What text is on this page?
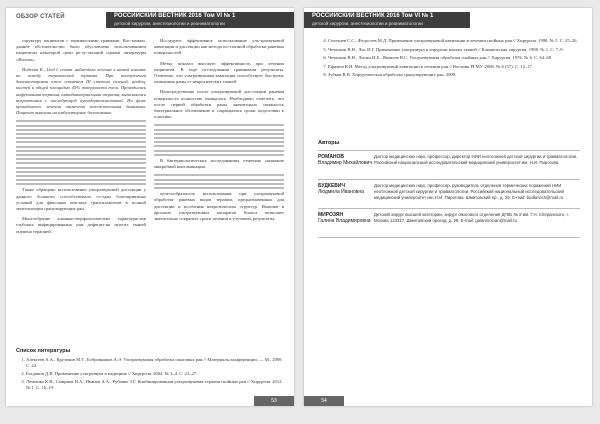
ОБЗОР СТАТЕЙ	РОССИЙСКИЙ ВЕСТНИК 2016 Том VI № 1
детской хирургии, анестезиологии и реаниматологии

структуру пациентов с термическими травмами. Вос-можно, данное обстоятельство было обусловлено использованием пациентам некоторой цепи ре-зу-льтаций оценки литературы «Визола».

Надеева К., Lied I. соавт. наблюдали лечение в нашей клинике по поводу термической травмы. При поступлении диагностирован ожог пламенем III степени голеней, ягодиц, кистей и общей площадью 45% поверхности тела. Проводилась инфузионная терапия, антибактериальная терапия, выполнялась некрэктомия с последующей аутодермопластикой. На фоне проводимого лечения отмечена положительная динамика. Пациент выписан на амбулаторное долечивание.

Также обращено использование ультразвуковой диссекции у данного больного способствовало со-здан благоприятных условий для фиксации кож-ных трансплантатов в полной эпителизации гранулирующих ран.

Многообразие клинико-морфологических характеристик глубоких инфицированных ран дефицит-на многих тканей оценена терапией.

Исследуют эффективное использование уль-тразвуковой кавитации и диссекции как метода по-этапной обработки раневых поверхностей.

Метод показал высокую эффективность при лечении пациентов. В ходе исследования сравнивали результаты. Отмечено, что ультразвуковая кавитация способствует быстрому очищению раны от некротических тканей.

Непосредственно после ультразвуковой дис-секции раневая поверхность полностью очищалась. Необходимо отметить, что после первой обработки раны значительно снижалось бактериальное обсеменение и сокращались сроки подготовки к пластике.

В бактериологических исследованиях отмечено снижение микробной контаминации.

целесообразность использования при ультразвуковой обработке раневых видов терапии, предназначенных для диссекции и иссечения некротических структур. Наличие в арсенале ультразвуковых аппаратов Sonoca позволяет значительно сократить сроки лечения и улучшить результаты.

Список литературы
1. Алексеев А.А., Крутиков М.Г., Бобровников А.Э. Ультразвуковая обработка ожоговых ран // Материалы конференции. — М., 2009. С. 24.
2. Богданов Д.В. Применение ультразвука в медицине // Хирургия. 2004. № 3–4. С. 23–27.
3. Лемешко К.В., Смирнов Н.А., Иванов А.А., Рубенко Т.Г. Комбинированная ультразвуковая терапия гнойных ран // Хирургия. 2012. № 1. С. 16–19.
53
РОССИЙСКИЙ ВЕСТНИК 2016 Том VI № 1
детской хирургии, анестезиологии и реаниматологии
4. Селезнев С.С., Федосеев М.Д. Применение ультразвуковой кавитации в лечении гнойных ран // Хирургия. 1998. № 5. С. 25–26.
5. Чеченков В.Н., Лис И.Г. Применение ультразвука в хирургии мягких тканей // Клиническая хирургия. 1998. № 1. С. 7–9.
6. Чеченков В.Н., Лисин И.Е., Яковлев В.С. Ультразвуковая обработка гнойных ран // Хирургия. 1976. № 6. С. 64–68.
7. Ефимов В.И. Метод ультразвуковой кавитации в лечении ран // Вестник РГМУ. 2008. № 6 (57). С. 12–17.
8. Зубков В.В. Хирургическая обработка гранулирующих ран. 2009.
Авторы
РОМАНОВ
Владимир Михайлович
Доктор медицинских наук, профессор, директор НИИ неотложной детской хирургии и травматологии, Российский национальный исследовательский медицинский университет им. Н.И. Пирогова.
БУДКЕВИЧ
Людмила Ивановна
Доктор медицинских наук, профессор, руководитель отделения термических поражений НИИ неотложной детской хирургии и травматологии, Российский национальный исследовательский медицинский университет им. Н.И. Пирогова. Шмитовский пр., д. 29, E-mail: budkevich@mail.ru
МИРОЗЯН
Галина Владимировна
Детский хирург высшей категории, хирург ожогового отделения ДГКБ № 9 им. Г.Н. Сперанского, г. Москва 123317, Шмитовский проезд, д. 29. E-mail: galamirozian@mail.ru
54
